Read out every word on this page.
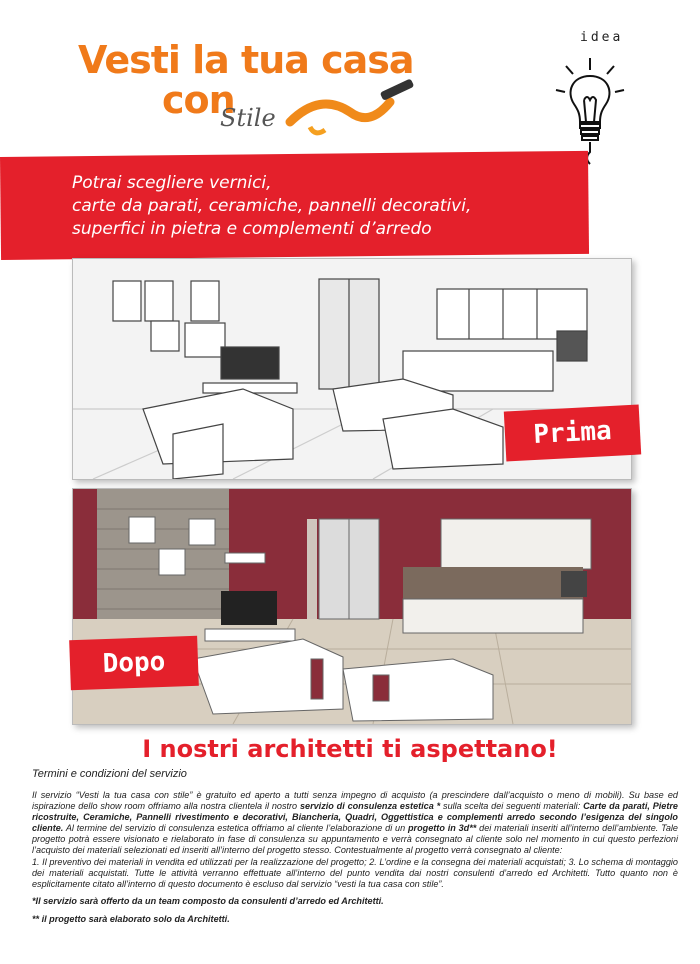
Vesti la tua casa
con
Stile
idea
Potrai scegliere vernici,
carte da parati, ceramiche, pannelli decorativi,
superfici in pietra e complementi d’arredo
Prima
Dopo
I nostri architetti ti aspettano!
Termini e condizioni del servizio
Il servizio “Vesti la tua casa con stile” è gratuito ed aperto a tutti senza impegno di acquisto (a prescindere dall’acquisto o meno di mobili). Su base ed ispirazione dello show room offriamo alla nostra clientela il nostro servizio di consulenza estetica * sulla scelta dei seguenti materiali: Carte da parati, Pietre ricostruite, Ceramiche, Pannelli rivestimento e decorativi, Biancheria, Quadri, Oggettistica e complementi arredo secondo l’esigenza del singolo cliente. Al termine del servizio di consulenza estetica offriamo al cliente l’elaborazione di un progetto in 3d** dei materiali inseriti all’interno dell’ambiente. Tale progetto potrà essere visionato e rielaborato in fase di consulenza su appuntamento e verrà consegnato al cliente solo nel momento in cui questo perfezioni l’acquisto dei materiali selezionati ed inseriti all’interno del progetto stesso. Contestualmente al progetto verrà consegnato al cliente:
1. Il preventivo dei materiali in vendita ed utilizzati per la realizzazione del progetto; 2. L’ordine e la consegna dei materiali acquistati; 3. Lo schema di montaggio dei materiali acquistati. Tutte le attività verranno effettuate all’interno del punto vendita dai nostri consulenti d’arredo ed Architetti. Tutto quanto non è esplicitamente citato all’interno di questo documento è escluso dal servizio “vesti la tua casa con stile”.
*Il servizio sarà offerto da un team composto da consulenti d’arredo ed Architetti.
** il progetto sarà elaborato solo da Architetti.
